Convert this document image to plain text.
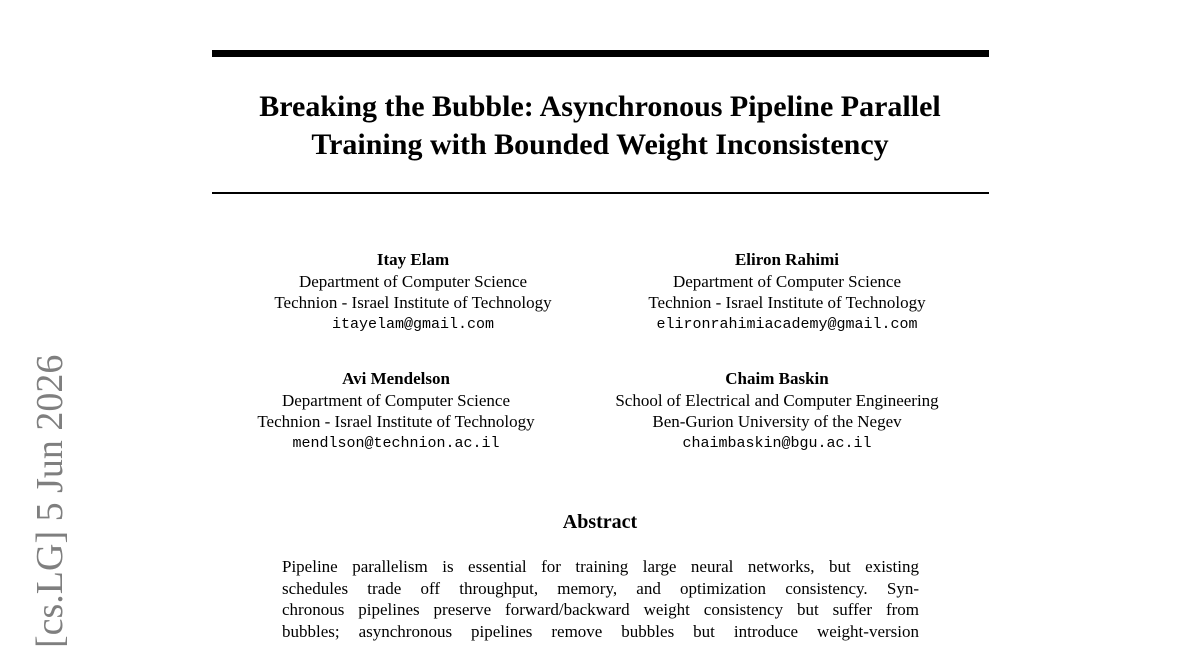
Breaking the Bubble: Asynchronous Pipeline Parallel
Training with Bounded Weight Inconsistency
Itay Elam
Department of Computer Science
Technion - Israel Institute of Technology
itayelam@gmail.com
Eliron Rahimi
Department of Computer Science
Technion - Israel Institute of Technology
elironrahimiacademy@gmail.com
Avi Mendelson
Department of Computer Science
Technion - Israel Institute of Technology
mendlson@technion.ac.il
Chaim Baskin
School of Electrical and Computer Engineering
Ben-Gurion University of the Negev
chaimbaskin@bgu.ac.il
Abstract
Pipeline parallelism is essential for training large neural networks, but existing
schedules trade off throughput, memory, and optimization consistency. Syn-
chronous pipelines preserve forward/backward weight consistency but suffer from
bubbles; asynchronous pipelines remove bubbles but introduce weight-version
[cs.LG] 5 Jun 2026
